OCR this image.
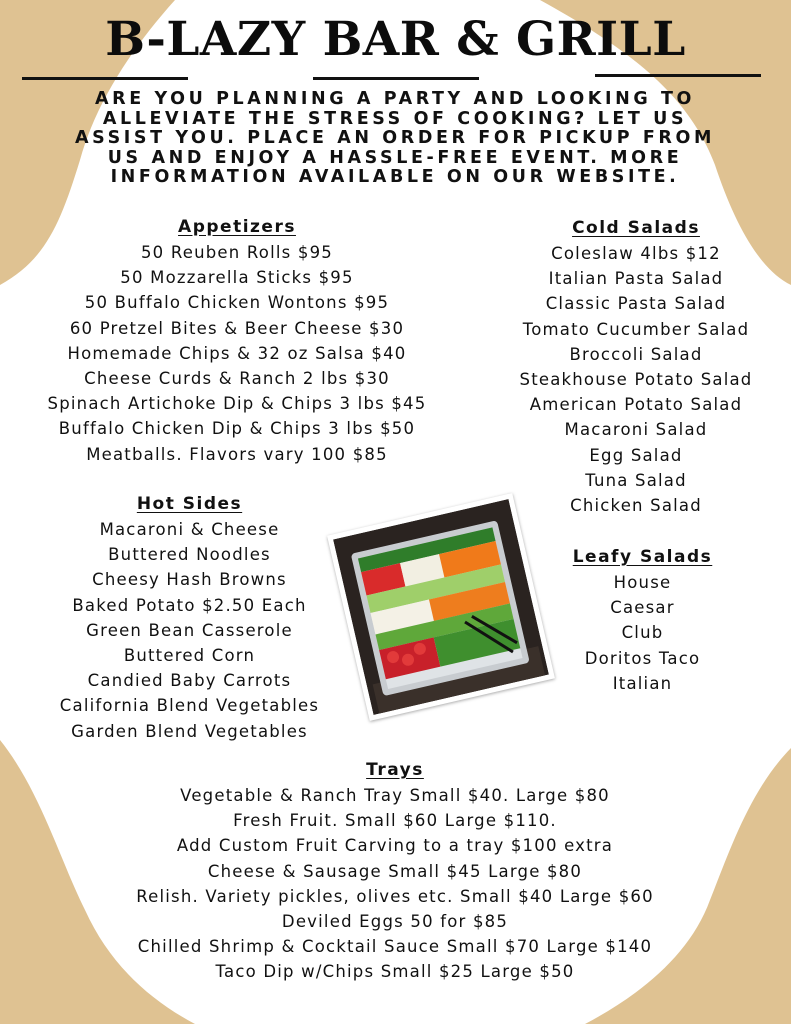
B-LAZY BAR & GRILL
ARE YOU PLANNING A PARTY AND LOOKING TO ALLEVIATE THE STRESS OF COOKING? LET US ASSIST YOU. PLACE AN ORDER FOR PICKUP FROM US AND ENJOY A HASSLE-FREE EVENT. MORE INFORMATION AVAILABLE ON OUR WEBSITE.
Appetizers
50 Reuben Rolls $95
50 Mozzarella Sticks $95
50 Buffalo Chicken Wontons $95
60 Pretzel Bites & Beer Cheese $30
Homemade Chips & 32 oz Salsa $40
Cheese Curds & Ranch 2 lbs $30
Spinach Artichoke Dip & Chips 3 lbs $45
Buffalo Chicken Dip & Chips 3 lbs $50
Meatballs. Flavors vary 100 $85
Hot Sides
Macaroni & Cheese
Buttered Noodles
Cheesy Hash Browns
Baked Potato $2.50 Each
Green Bean Casserole
Buttered Corn
Candied Baby Carrots
California Blend Vegetables
Garden Blend Vegetables
Cold Salads
Coleslaw 4lbs $12
Italian Pasta Salad
Classic Pasta Salad
Tomato Cucumber Salad
Broccoli Salad
Steakhouse Potato Salad
American Potato Salad
Macaroni Salad
Egg Salad
Tuna Salad
Chicken Salad
Leafy Salads
House
Caesar
Club
Doritos Taco
Italian
Trays
Vegetable & Ranch Tray Small $40. Large $80
Fresh Fruit. Small $60 Large $110.
Add Custom Fruit Carving to a tray $100 extra
Cheese & Sausage Small $45 Large $80
Relish. Variety pickles, olives etc. Small $40 Large $60
Deviled Eggs 50 for $85
Chilled Shrimp & Cocktail Sauce Small $70 Large $140
Taco Dip w/Chips Small $25 Large $50
